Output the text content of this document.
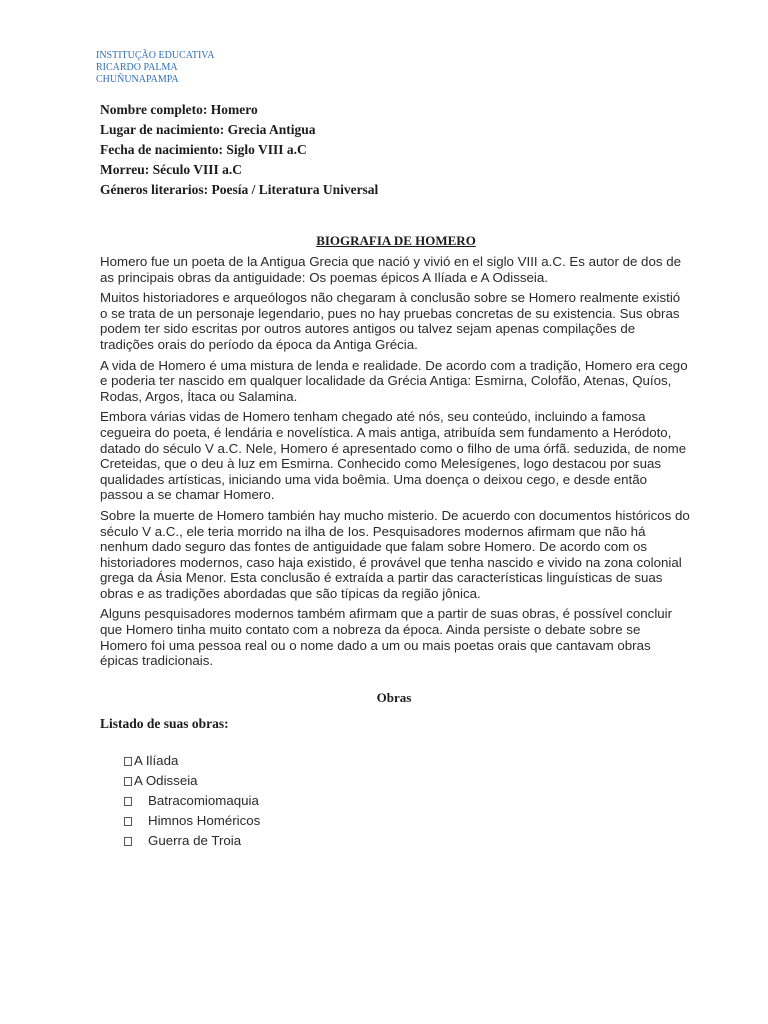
INSTITUÇÃO EDUCATIVA
RICARDO PALMA
CHUÑUNAPAMPA
Nombre completo: Homero
Lugar de nacimiento: Grecia Antigua
Fecha de nacimiento: Siglo VIII a.C
Morreu: Século VIII a.C
Géneros literarios: Poesía / Literatura Universal
BIOGRAFIA DE HOMERO

Homero fue un poeta de la Antigua Grecia que nació y vivió en el siglo VIII a.C. Es autor de dos de as principais obras da antiguidade: Os poemas épicos A Ilíada e A Odisseia.

Muitos historiadores e arqueólogos não chegaram à conclusão sobre se Homero realmente existió o se trata de un personaje legendario, pues no hay pruebas concretas de su existencia. Sus obras podem ter sido escritas por outros autores antigos ou talvez sejam apenas compilações de tradições orais do período da época da Antiga Grécia.

A vida de Homero é uma mistura de lenda e realidade. De acordo com a tradição, Homero era cego e poderia ter nascido em qualquer localidade da Grécia Antiga: Esmirna, Colofão, Atenas, Quíos, Rodas, Argos, Ítaca ou Salamina.

Embora várias vidas de Homero tenham chegado até nós, seu conteúdo, incluindo a famosa cegueira do poeta, é lendária e novelística. A mais antiga, atribuída sem fundamento a Heródoto, datado do século V a.C. Nele, Homero é apresentado como o filho de uma órfã. seduzida, de nome Creteidas, que o deu à luz em Esmirna. Conhecido como Melesígenes, logo destacou por suas qualidades artísticas, iniciando uma vida boêmia. Uma doença o deixou cego, e desde então passou a se chamar Homero.

Sobre la muerte de Homero también hay mucho misterio. De acuerdo con documentos históricos do século V a.C., ele teria morrido na ilha de Ios. Pesquisadores modernos afirmam que não há nenhum dado seguro das fontes de antiguidade que falam sobre Homero. De acordo com os historiadores modernos, caso haja existido, é provável que tenha nascido e vivido na zona colonial grega da Ásia Menor. Esta conclusão é extraída a partir das características linguísticas de suas obras e as tradições abordadas que são típicas da região jônica.

Alguns pesquisadores modernos também afirmam que a partir de suas obras, é possível concluir que Homero tinha muito contato com a nobreza da época. Ainda persiste o debate sobre se Homero foi uma pessoa real ou o nome dado a um ou mais poetas orais que cantavam obras épicas tradicionais.

Obras
Listado de suas obras:
A Ilíada
A Odisseia
Batracomiomaquia
Himnos Homéricos
Guerra de Troia
